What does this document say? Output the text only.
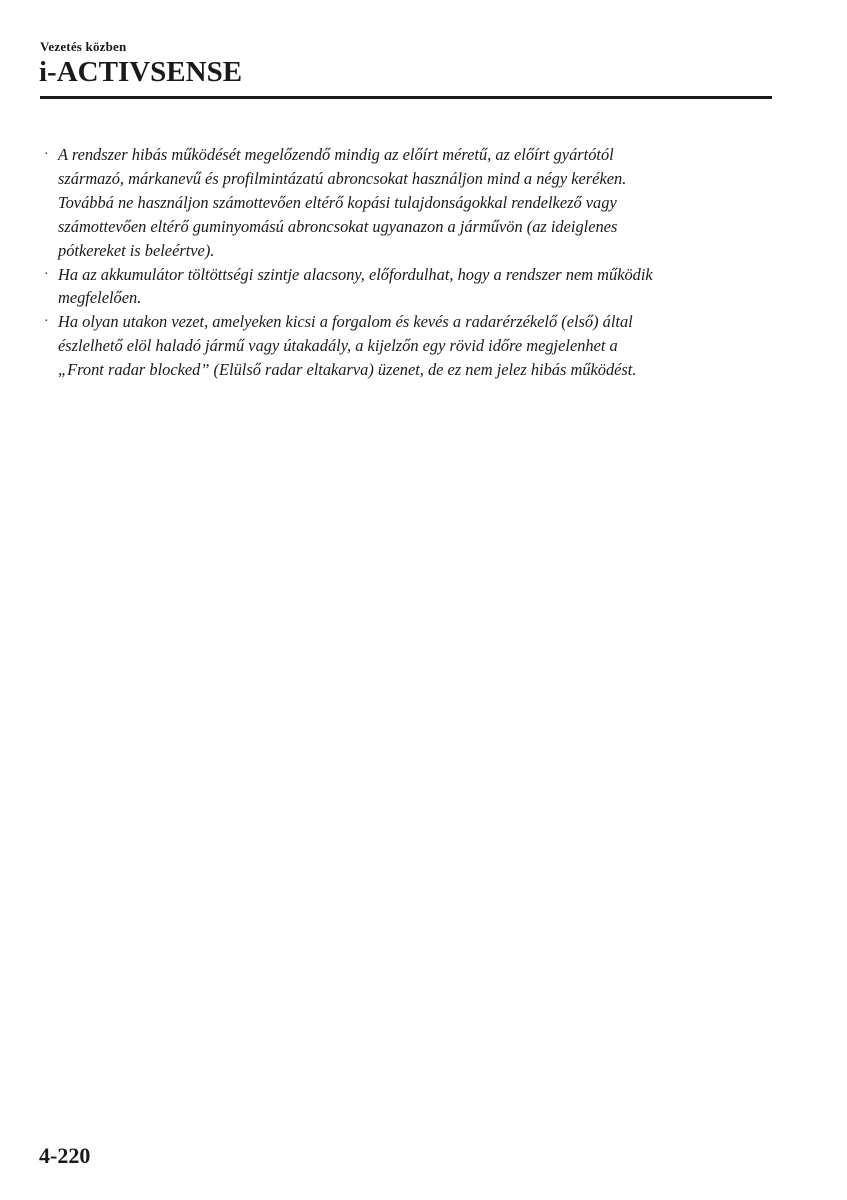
Vezetés közben
i-ACTIVSENSE
· A rendszer hibás működését megelőzendő mindig az előírt méretű, az előírt gyártótól
származó, márkanevű és profilmintázatú abroncsokat használjon mind a négy keréken.
Továbbá ne használjon számottevően eltérő kopási tulajdonságokkal rendelkező vagy
számottevően eltérő guminyomású abroncsokat ugyanazon a járművön (az ideiglenes
pótkereket is beleértve).
· Ha az akkumulátor töltöttségi szintje alacsony, előfordulhat, hogy a rendszer nem működik
megfelelően.
· Ha olyan utakon vezet, amelyeken kicsi a forgalom és kevés a radarérzékelő (első) által
észlelhető elöl haladó jármű vagy útakadály, a kijelzőn egy rövid időre megjelenhet a
„Front radar blocked” (Elülső radar eltakarva) üzenet, de ez nem jelez hibás működést.
4-220
